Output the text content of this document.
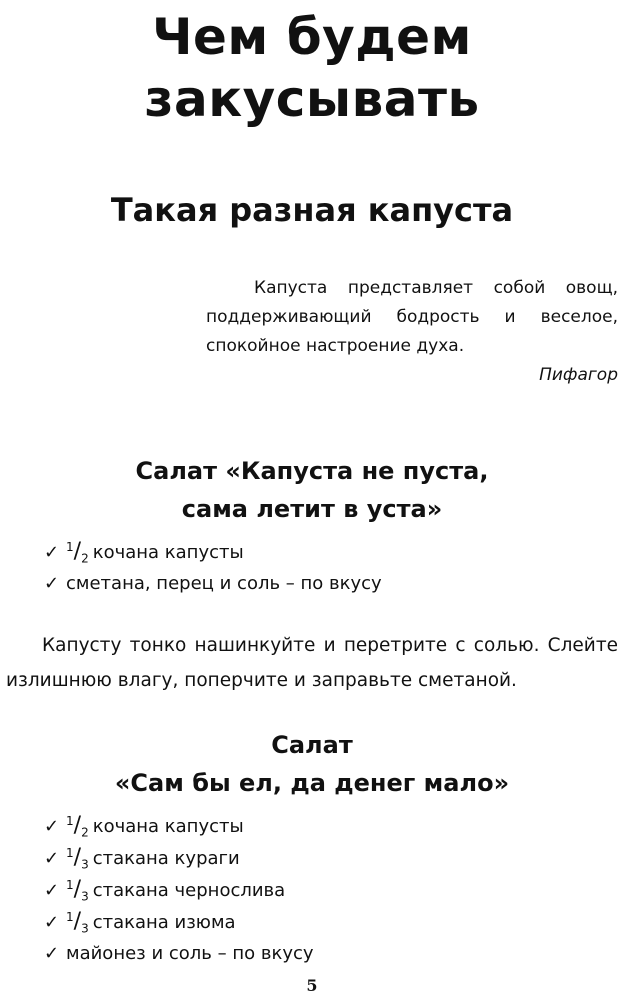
Чем будем
закусывать
Такая разная капуста
Капуста представляет собой овощ, поддерживающий бодрость и веселое, спокойное настроение духа.
Пифагор
Салат «Капуста не пуста,
сама летит в уста»
✓ $^1/_2$ кочана капусты
✓ сметана, перец и соль – по вкусу

Капусту тонко нашинкуйте и перетрите с солью. Слейте излишнюю влагу, поперчите и заправьте сметаной.

Салат
«Сам бы ел, да денег мало»
✓ $^1/_2$ кочана капусты
✓ $^1/_3$ стакана кураги
✓ $^1/_3$ стакана чернослива
✓ $^1/_3$ стакана изюма
✓ майонез и соль – по вкусу
5
